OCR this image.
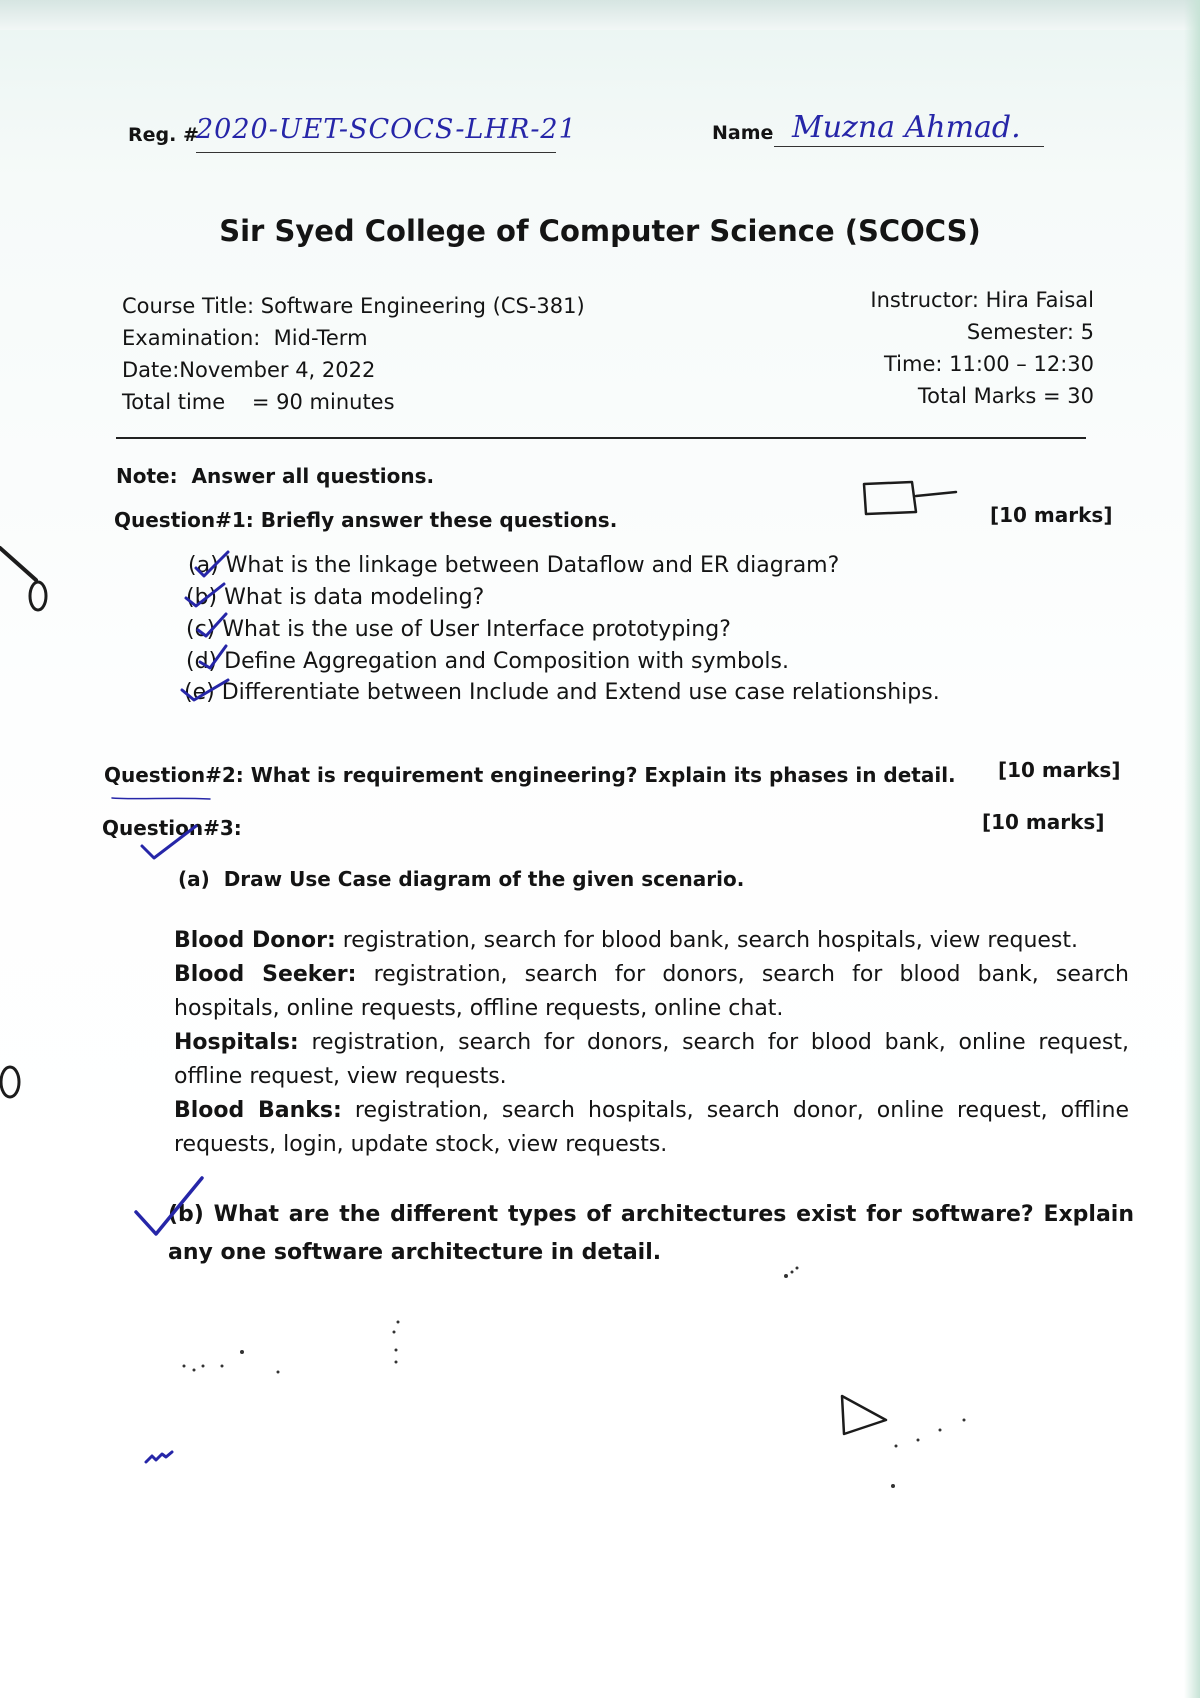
Reg. #
2020-UET-SCOCS-LHR-21	Name Muzna Ahmad.
Sir Syed College of Computer Science (SCOCS)
Course Title: Software Engineering (CS-381)
Examination:  Mid-Term
Date:November 4, 2022
Total time    = 90 minutes
Instructor: Hira Faisal
Semester: 5
Time: 11:00 – 12:30
Total Marks = 30
Note:  Answer all questions.
Question#1: Briefly answer these questions.	[10 marks]
(a) What is the linkage between Dataflow and ER diagram?
(b) What is data modeling?
(c) What is the use of User Interface prototyping?
(d) Define Aggregation and Composition with symbols.
(e) Differentiate between Include and Extend use case relationships.
Question#2: What is requirement engineering? Explain its phases in detail. [10 marks]
Question#3:	[10 marks]
(a)  Draw Use Case diagram of the given scenario.
Blood Donor: registration, search for blood bank, search hospitals, view request.
Blood Seeker: registration, search for donors, search for blood bank, search hospitals, online requests, offline requests, online chat.
Hospitals: registration, search for donors, search for blood bank, online request, offline request, view requests.
Blood Banks: registration, search hospitals, search donor, online request, offline requests, login, update stock, view requests.
(b) What are the different types of architectures exist for software? Explain any one software architecture in detail.
